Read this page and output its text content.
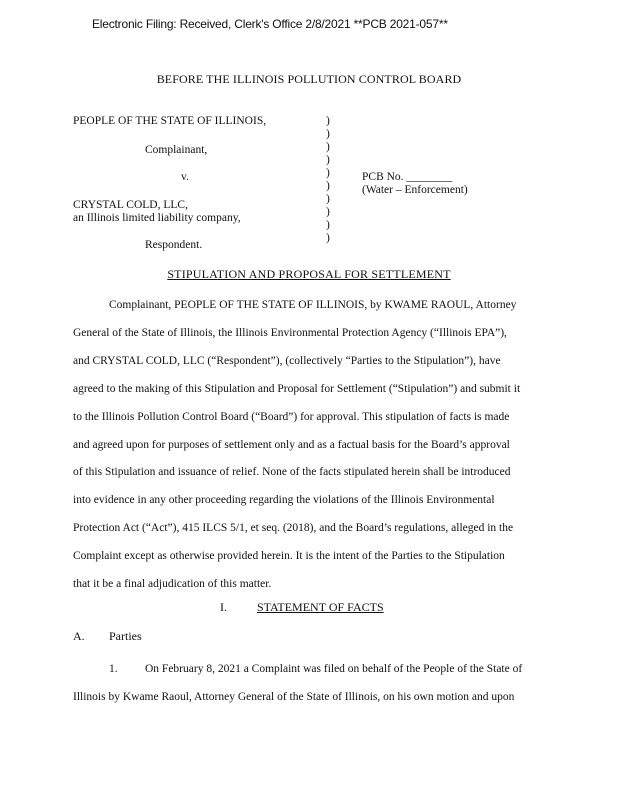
Electronic Filing: Received, Clerk's Office 2/8/2021 **PCB 2021-057**
BEFORE THE ILLINOIS POLLUTION CONTROL BOARD
PEOPLE OF THE STATE OF ILLINOIS,
Complainant,
v.
CRYSTAL COLD, LLC,
an Illinois limited liability company,
Respondent.
PCB No. ________
(Water – Enforcement)
)
)
)
)
)
)
)
)
)
)
STIPULATION AND PROPOSAL FOR SETTLEMENT
Complainant, PEOPLE OF THE STATE OF ILLINOIS, by KWAME RAOUL, Attorney
General of the State of Illinois, the Illinois Environmental Protection Agency (“Illinois EPA”),
and CRYSTAL COLD, LLC (“Respondent”), (collectively “Parties to the Stipulation”), have
agreed to the making of this Stipulation and Proposal for Settlement (“Stipulation”) and submit it
to the Illinois Pollution Control Board (“Board”) for approval. This stipulation of facts is made
and agreed upon for purposes of settlement only and as a factual basis for the Board’s approval
of this Stipulation and issuance of relief. None of the facts stipulated herein shall be introduced
into evidence in any other proceeding regarding the violations of the Illinois Environmental
Protection Act (“Act”), 415 ILCS 5/1, et seq. (2018), and the Board’s regulations, alleged in the
Complaint except as otherwise provided herein. It is the intent of the Parties to the Stipulation
that it be a final adjudication of this matter.
I.	STATEMENT OF FACTS
A. Parties
1. On February 8, 2021 a Complaint was filed on behalf of the People of the State of
Illinois by Kwame Raoul, Attorney General of the State of Illinois, on his own motion and upon
